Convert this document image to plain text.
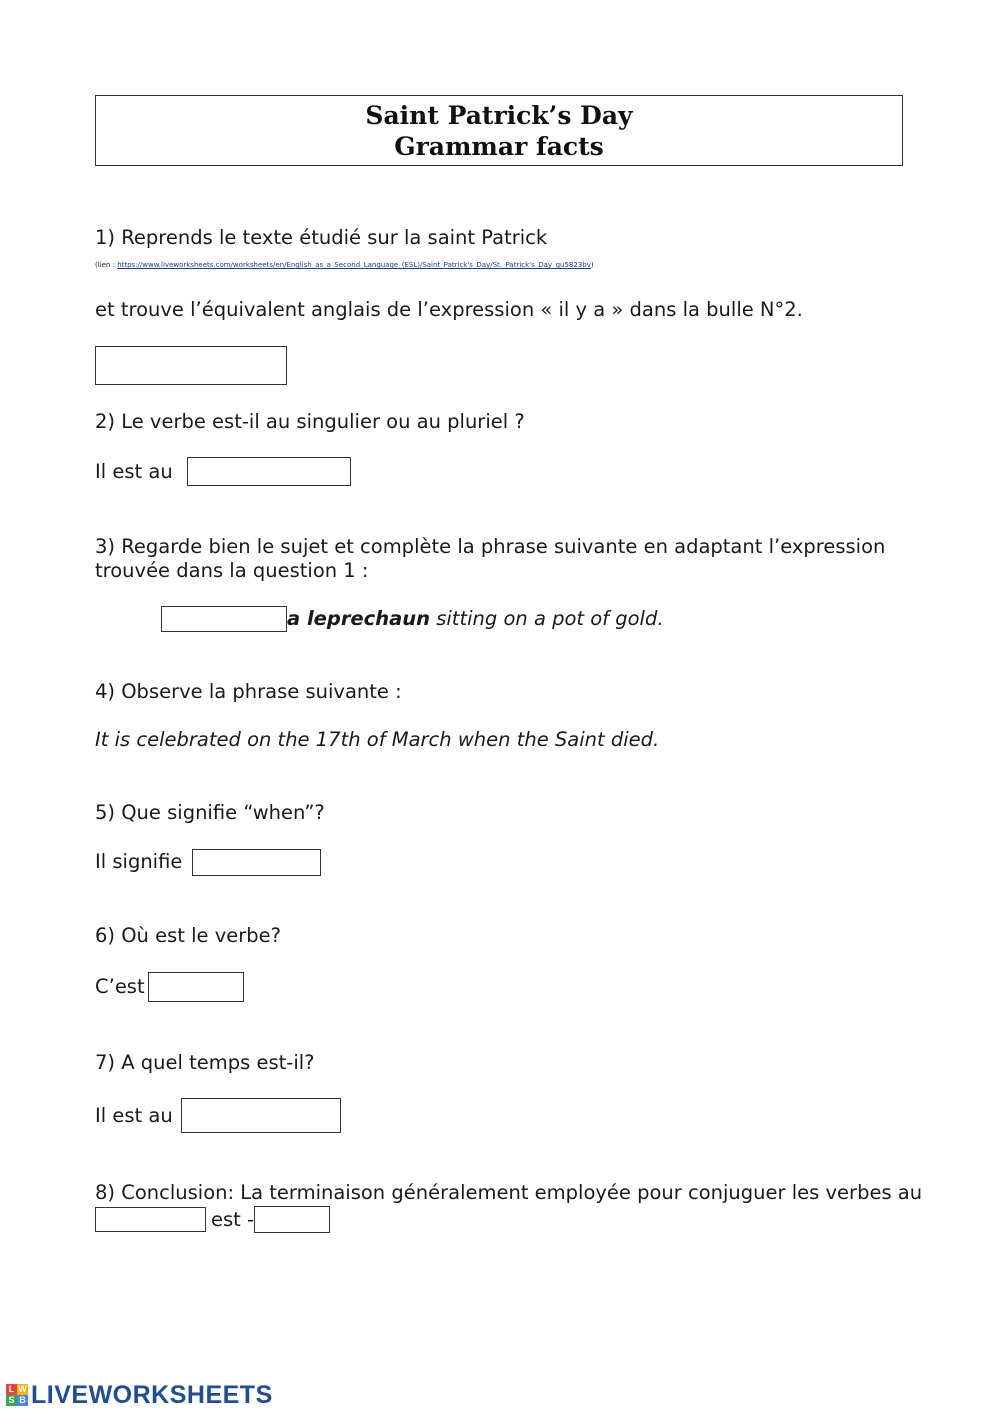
Saint Patrick’s Day
Grammar facts
1) Reprends le texte étudié sur la saint Patrick
(lien : https://www.liveworksheets.com/worksheets/en/English_as_a_Second_Language_(ESL)/Saint_Patrick's_Day/St._Patrick's_Day_gu5823bv)
et trouve l’équivalent anglais de l’expression « il y a » dans la bulle N°2.
2) Le verbe est-il au singulier ou au pluriel ?
Il est au
3) Regarde bien le sujet et complète la phrase suivante en adaptant l’expression
trouvée dans la question 1 :
a leprechaun sitting on a pot of gold.
4) Observe la phrase suivante :
It is celebrated on the 17th of March when the Saint died.
5) Que signifie “when”?
Il signifie
6) Où est le verbe?
C’est
7) A quel temps est-il?
Il est au
8) Conclusion: La terminaison généralement employée pour conjuguer les verbes au
est -
L W
S B LIVEWORKSHEETS
